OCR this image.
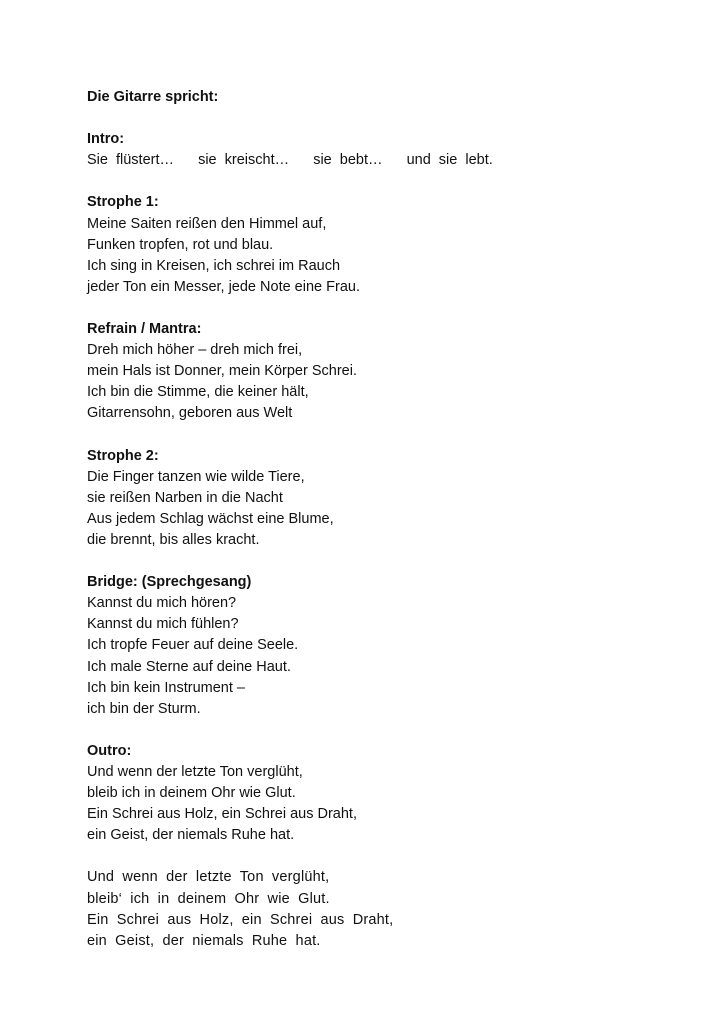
Die Gitarre spricht:

Intro:

Sie flüstert…   sie kreischt…   sie bebt…   und sie lebt.

Strophe 1:

Meine Saiten reißen den Himmel auf,

Funken tropfen, rot und blau.

Ich sing in Kreisen, ich schrei im Rauch

jeder Ton ein Messer, jede Note eine Frau.

Refrain / Mantra:

Dreh mich höher – dreh mich frei,

mein Hals ist Donner, mein Körper Schrei.

Ich bin die Stimme, die keiner hält,

Gitarrensohn, geboren aus Welt

Strophe 2:

Die Finger tanzen wie wilde Tiere,

sie reißen Narben in die Nacht

Aus jedem Schlag wächst eine Blume,

die brennt, bis alles kracht.

Bridge: (Sprechgesang)

Kannst du mich hören?

Kannst du mich fühlen?

Ich tropfe Feuer auf deine Seele.

Ich male Sterne auf deine Haut.

Ich bin kein Instrument –

ich bin der Sturm.

Outro:

Und wenn der letzte Ton verglüht,

bleib ich in deinem Ohr wie Glut.

Ein Schrei aus Holz, ein Schrei aus Draht,

ein Geist, der niemals Ruhe hat.

Und wenn der letzte Ton verglüht,

bleib‘ ich in deinem Ohr wie Glut.

Ein Schrei aus Holz, ein Schrei aus Draht,

ein Geist, der niemals Ruhe hat.
